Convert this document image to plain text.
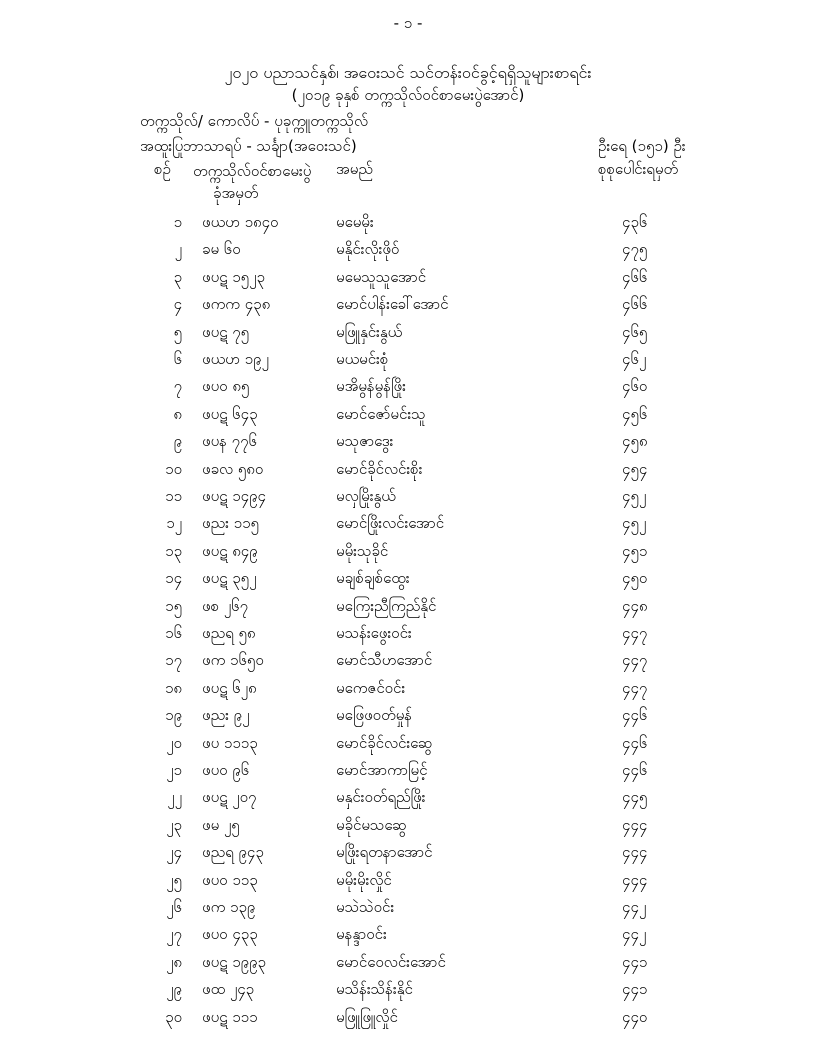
- ၁ -
၂၀၂၀ ပညာသင်နှစ်၊ အဝေးသင် သင်တန်းဝင်ခွင့်ရရှိသူများစာရင်း
(၂၀၁၉ ခုနှစ် တက္ကသိုလ်ဝင်စာမေးပွဲအောင်)
တက္ကသိုလ်/ ကောလိပ် - ပုခုက္ကူတက္ကသိုလ်
အထူးပြုဘာသာရပ် - သင်္ချာ(အဝေးသင်)	ဦးရေ (၁၅၁) ဦး
စဉ် တက္ကသိုလ်ဝင်စာမေးပွဲ
ခုံအမှတ်
အမည်	စုစုပေါင်းရမှတ်
၁ ဖယဟ ၁၈၄၀	မမေမိုး	၄၃၆
၂ ခမ ၆၀	မနိုင်းလိုးဖိုဝ်	၄၇၅
၃ ဖပဋ ၁၅၂၃	မမေသူသူအောင်	၄၆၆
၄ ဖကက ၄၃၈	မောင်ပါန်းခေါ်အောင်	၄၆၆
၅ ဖပဋ ၇၅	မဖြူနှင်းနွယ်	၄၆၅
၆ ဖယဟ ၁၉၂	မယမင်းစုံ	၄၆၂
၇ ဖပဝ ၈၅	မအိမွန်မွန်ဖြိုး	၄၆၀
၈ ဖပဋ ၆၄၃	မောင်ဇော်မင်းသူ	၄၅၆
၉ ဖပန ၇၇၆	မသုဇာဒွေး	၄၅၈
၁၀ ဖခလ ၅၈၀	မောင်ခိုင်လင်းစိုး	၄၅၄
၁၁ ဖပဋ ၁၄၉၄	မလှမြိုးနွယ်	၄၅၂
၁၂ ဖညး ၁၁၅	မောင်ဖြိုးလင်းအောင်	၄၅၂
၁၃ ဖပဋ ၈၄၉	မမိုးသုခိုင်	၄၅၁
၁၄ ဖပဋ ၃၅၂	မချစ်ချစ်ထွေး	၄၅၀
၁၅ ဖစ ၂၆၇	မကြေးညီကြည်နိုင်	၄၄၈
၁၆ ဖညရ ၅၈	မသန်းဖွေးဝင်း	၄၄၇
၁၇ ဖက ၁၆၅၀	မောင်သီဟအောင်	၄၄၇
၁၈ ဖပဋ ၆၂၈	မကေဇင်ဝင်း	၄၄၇
၁၉ ဖညး ၉၂	မဖြေဖဝတ်မှုန်	၄၄၆
၂၀ ဖပ ၁၁၁၃	မောင်ခိုင်လင်းဆွေ	၄၄၆
၂၁ ဖပဝ ၉၆	မောင်အာကာမြင့်	၄၄၆
၂၂ ဖပဋ ၂၀၇	မနှင်းဝတ်ရည်ဖြိုး	၄၄၅
၂၃ ဖမ ၂၅	မခိုင်မသဆွေ	၄၄၄
၂၄ ဖညရ ၉၄၃	မဖြိုးရတနာအောင်	၄၄၄
၂၅ ဖပဝ ၁၁၃	မမိုးမိုးလှိုင်	၄၄၄
၂၆ ဖက ၁၃၉	မသဲသဲဝင်း	၄၄၂
၂၇ ဖပဝ ၄၃၃	မနန္ဒာဝင်း	၄၄၂
၂၈ ဖပဋ ၁၉၉၃	မောင်ဝေလင်းအောင်	၄၄၁
၂၉ ဖထ ၂၄၃	မသိန်းသိန်းနိုင်	၄၄၁
၃၀ ဖပဋ ၁၁၁	မဖြူဖြူလှိုင်	၄၄၀
